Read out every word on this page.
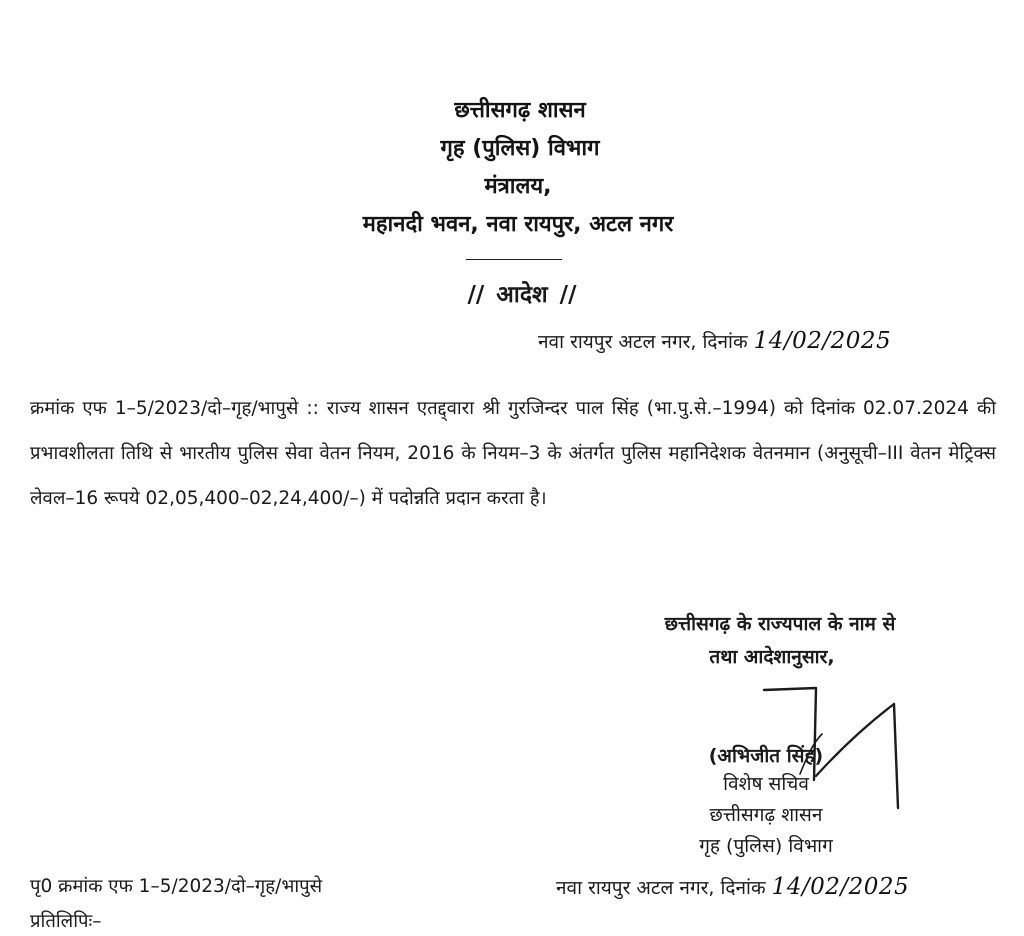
छत्तीसगढ़ शासन
गृह (पुलिस) विभाग
मंत्रालय,
महानदी भवन, नवा रायपुर, अटल नगर
// आदेश //
नवा रायपुर अटल नगर, दिनांक 14/02/2025
क्रमांक एफ 1–5/2023/दो–गृह/भापुसे :: राज्य शासन एतद्द्वारा श्री गुरजिन्दर पाल सिंह (भा.पु.से.–1994) को दिनांक 02.07.2024 की प्रभावशीलता तिथि से भारतीय पुलिस सेवा वेतन नियम, 2016 के नियम–3 के अंतर्गत पुलिस महानिदेशक वेतनमान (अनुसूची–III वेतन मेट्रिक्स लेवल–16 रूपये 02,05,400–02,24,400/–) में पदोन्नति प्रदान करता है।
छत्तीसगढ़ के राज्यपाल के नाम से
तथा आदेशानुसार,
(अभिजीत सिंह)
विशेष सचिव
छत्तीसगढ़ शासन
गृह (पुलिस) विभाग
पृ0 क्रमांक एफ 1–5/2023/दो–गृह/भापुसे	नवा रायपुर अटल नगर, दिनांक 14/02/2025
प्रतिलिपिः–
